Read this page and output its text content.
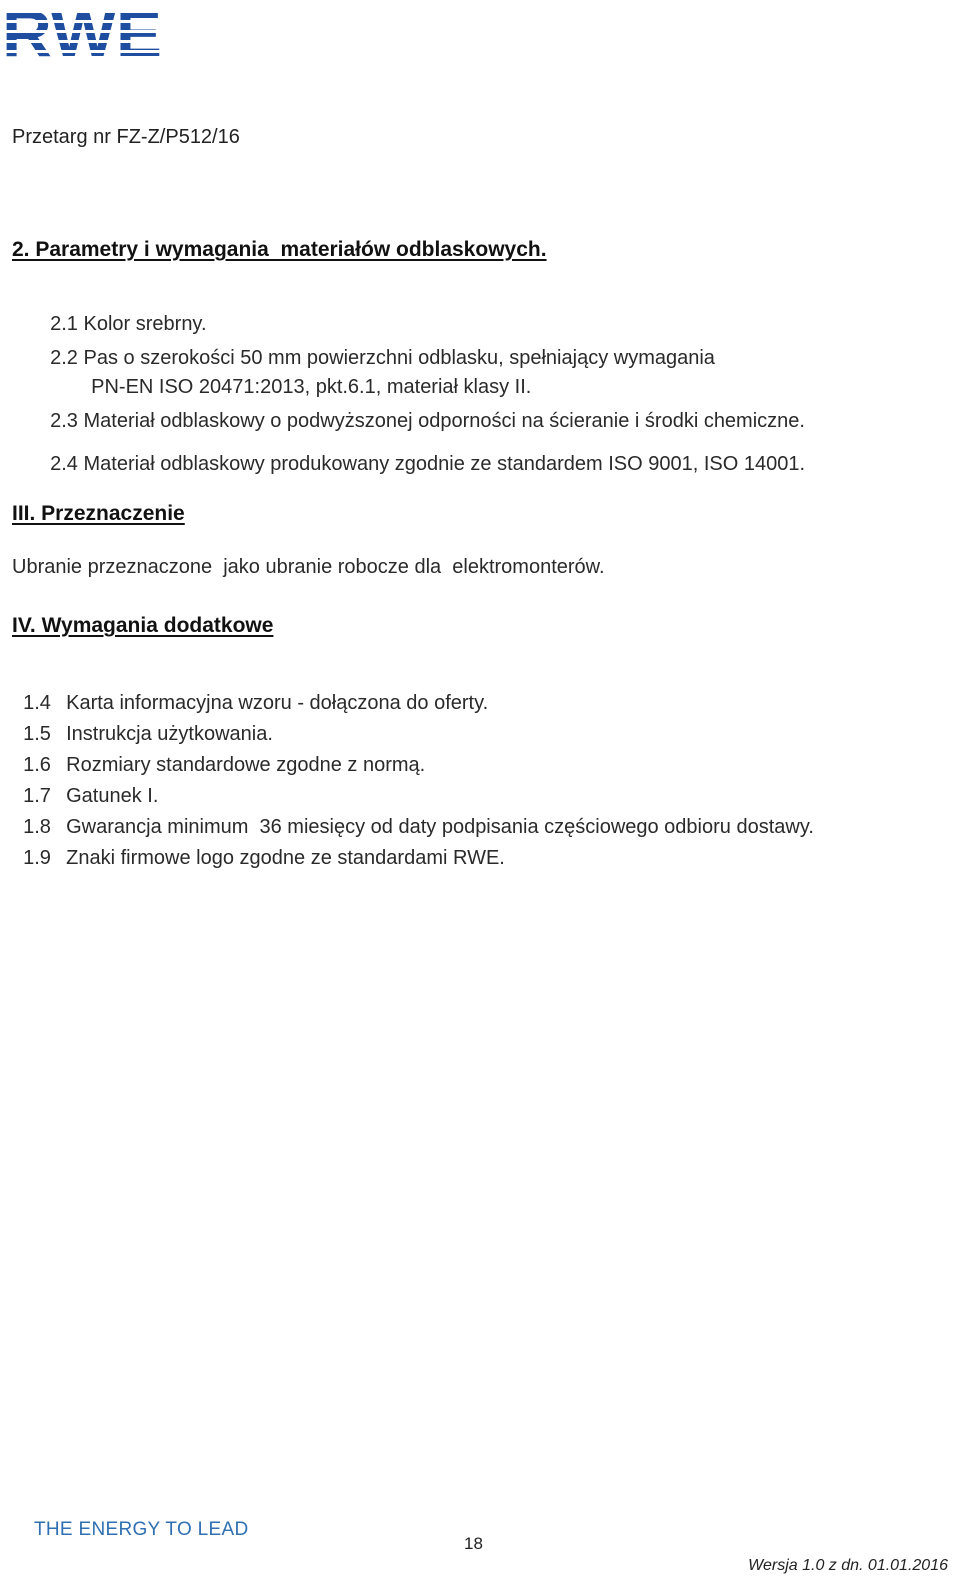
Przetarg nr FZ-Z/P512/16
2. Parametry i wymagania  materiałów odblaskowych.

2.1 Kolor srebrny.

2.2 Pas o szerokości 50 mm powierzchni odblasku, spełniający wymagania

PN-EN ISO 20471:2013, pkt.6.1, materiał klasy II.

2.3 Materiał odblaskowy o podwyższonej odporności na ścieranie i środki chemiczne.

2.4 Materiał odblaskowy produkowany zgodnie ze standardem ISO 9001, ISO 14001.

III. Przeznaczenie
Ubranie przeznaczone  jako ubranie robocze dla  elektromonterów.
IV. Wymagania dodatkowe

1.4 Karta informacyjna wzoru - dołączona do oferty.

1.5 Instrukcja użytkowania.

1.6 Rozmiary standardowe zgodne z normą.

1.7 Gatunek I.

1.8 Gwarancja minimum  36 miesięcy od daty podpisania częściowego odbioru dostawy.

1.9 Znaki firmowe logo zgodne ze standardami RWE.

THE ENERGY TO LEAD
18
Wersja 1.0 z dn. 01.01.2016
